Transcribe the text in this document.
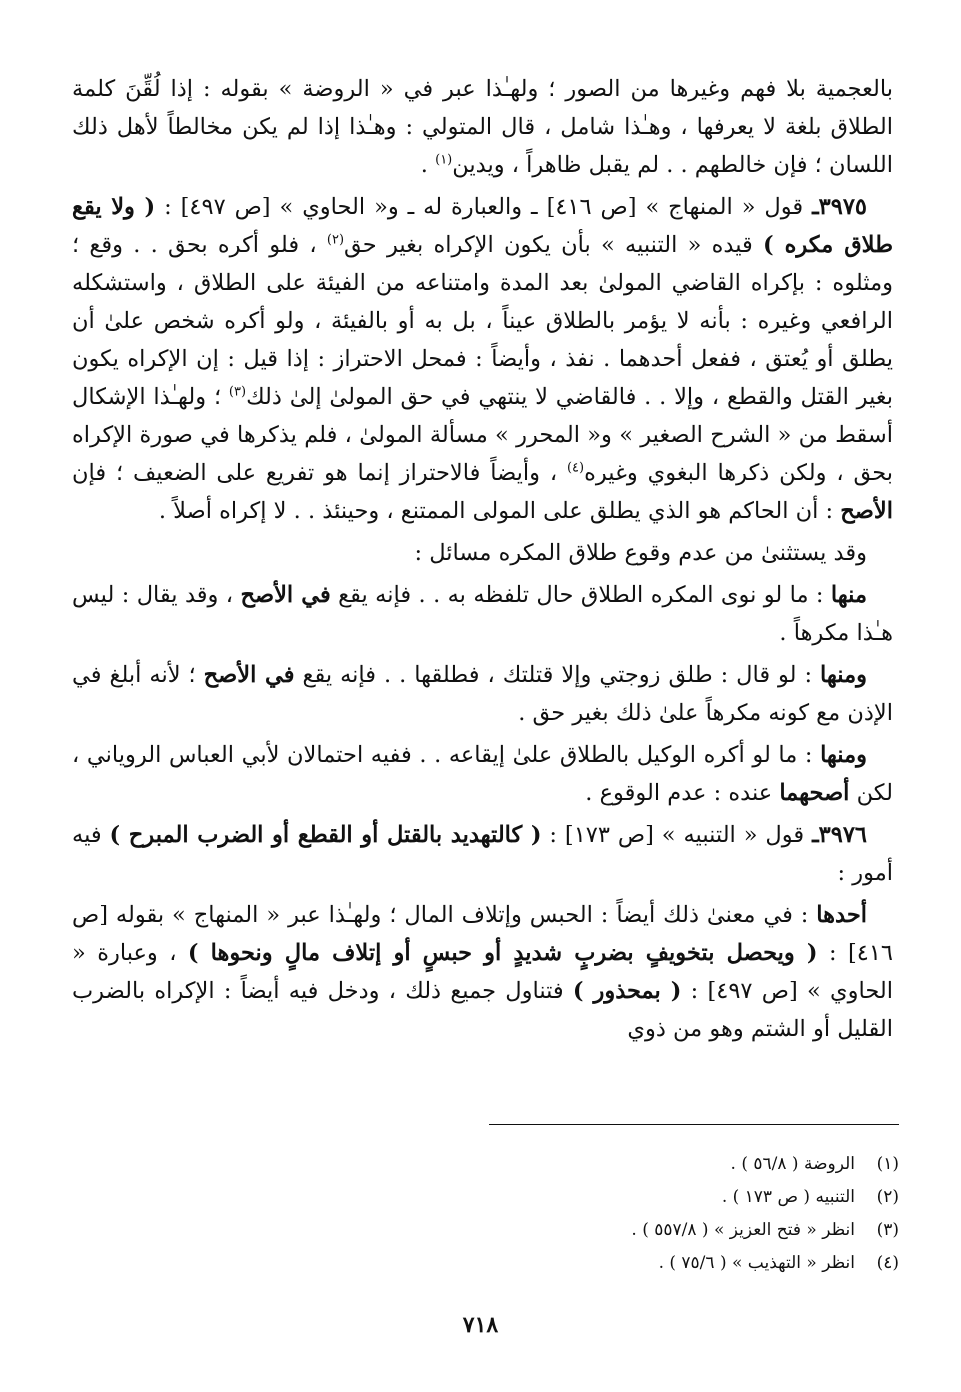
بالعجمية بلا فهم وغيرها من الصور ؛ ولهـٰذا عبر في « الروضة » بقوله : إذا لُقِّنَ كلمة الطلاق بلغة لا يعرفها ، وهـٰذا شامل ، قال المتولي : وهـٰذا إذا لم يكن مخالطاً لأهل ذلك اللسان ؛ فإن خالطهم . . لم يقبل ظاهراً ، ويدين$^{(١)}$ .
٣٩٧٥ـ قول « المنهاج » [ص ٤١٦] ـ والعبارة له ـ و« الحاوي » [ص ٤٩٧] : ( ولا يقع طلاق مكره ) قيده « التنبيه » بأن يكون الإكراه بغير حق$^{(٢)}$ ، فلو أكره بحق . . وقع ؛ ومثلوه : بإكراه القاضي المولىٰ بعد المدة وامتناعه من الفيئة على الطلاق ، واستشكله الرافعي وغيره : بأنه لا يؤمر بالطلاق عيناً ، بل به أو بالفيئة ، ولو أكره شخص علىٰ أن يطلق أو يُعتق ، ففعل أحدهما . نفذ ، وأيضاً : فمحل الاحتراز : إذا قيل : إن الإكراه يكون بغير القتل والقطع ، وإلا . . فالقاضي لا ينتهي في حق المولىٰ إلىٰ ذلك$^{(٣)}$ ؛ ولهـٰذا الإشكال أسقط من « الشرح الصغير » و« المحرر » مسألة المولىٰ ، فلم يذكرها في صورة الإكراه بحق ، ولكن ذكرها البغوي وغيره$^{(٤)}$ ، وأيضاً فالاحتراز إنما هو تفريع على الضعيف ؛ فإن الأصح : أن الحاكم هو الذي يطلق على المولى الممتنع ، وحينئذ . . لا إكراه أصلاً .
وقد يستثنىٰ من عدم وقوع طلاق المكره مسائل :
منها : ما لو نوى المكره الطلاق حال تلفظه به . . فإنه يقع في الأصح ، وقد يقال : ليس هـٰذا مكرهاً .
ومنها : لو قال : طلق زوجتي وإلا قتلتك ، فطلقها . . فإنه يقع في الأصح ؛ لأنه أبلغ في الإذن مع كونه مكرهاً علىٰ ذلك بغير حق .
ومنها : ما لو أكره الوكيل بالطلاق علىٰ إيقاعه . . ففيه احتمالان لأبي العباس الروياني ، لكن أصحهما عنده : عدم الوقوع .
٣٩٧٦ـ قول « التنبيه » [ص ١٧٣] : ( كالتهديد بالقتل أو القطع أو الضرب المبرح ) فيه أمور :
أحدها : في معنىٰ ذلك أيضاً : الحبس وإتلاف المال ؛ ولهـٰذا عبر « المنهاج » بقوله [ص ٤١٦] : ( ويحصل بتخويفٍ بضربٍ شديدٍ أو حبسٍ أو إتلاف مالٍ ونحوها ) ، وعبارة « الحاوي » [ص ٤٩٧] : ( بمحذور ) فتناول جميع ذلك ، ودخل فيه أيضاً : الإكراه بالضرب القليل أو الشتم وهو من ذوي
(١)الروضة ( ٥٦/٨ ) .
(٢)التنبيه ( ص ١٧٣ ) .
(٣)انظر « فتح العزيز » ( ٥٥٧/٨ ) .
(٤)انظر « التهذيب » ( ٧٥/٦ ) .
٧١٨
